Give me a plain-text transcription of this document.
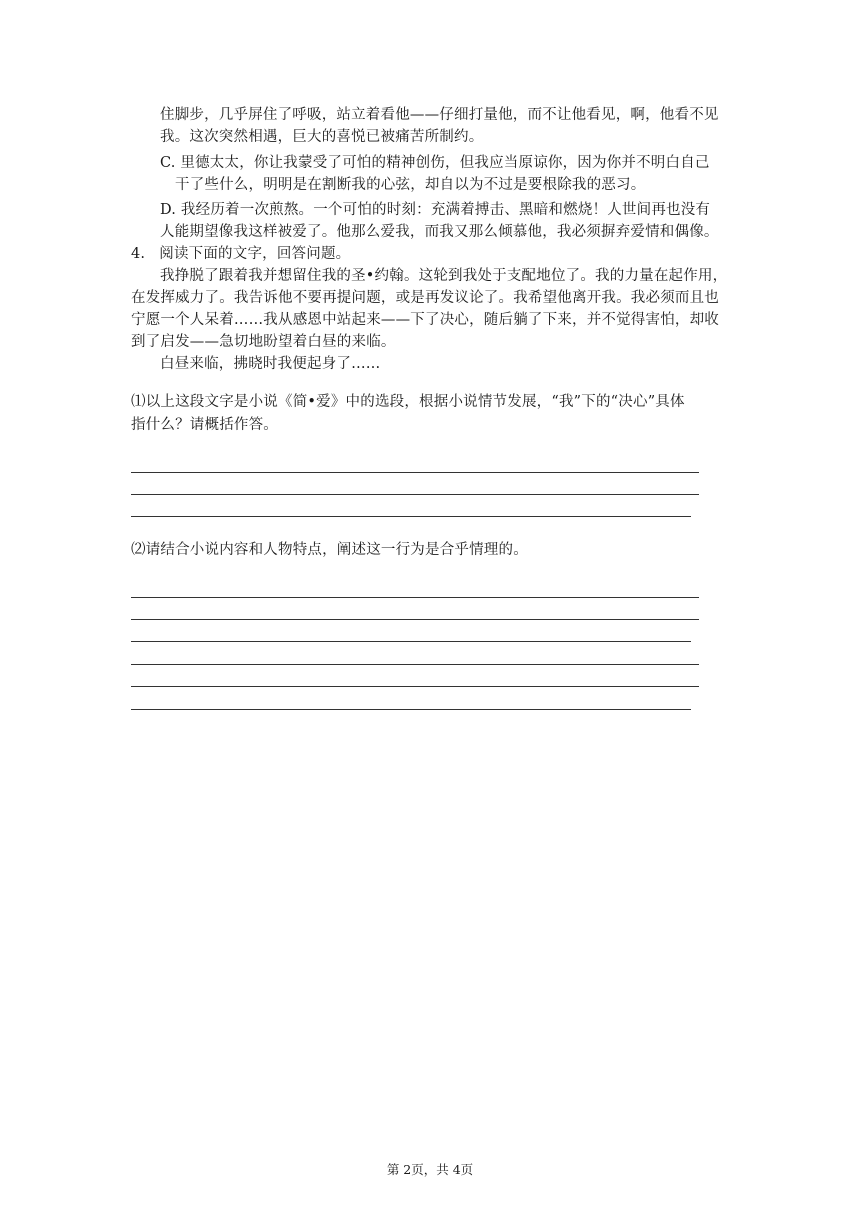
住脚步，几乎屏住了呼吸，站立着看他——仔细打量他，而不让他看见，啊，他看不见
我。这次突然相遇，巨大的喜悦已被痛苦所制约。
C. 里德太太，你让我蒙受了可怕的精神创伤，但我应当原谅你，因为你并不明白自己
干了些什么，明明是在割断我的心弦，却自以为不过是要根除我的恶习。
D. 我经历着一次煎熬。一个可怕的时刻：充满着搏击、黑暗和燃烧！人世间再也没有
人能期望像我这样被爱了。他那么爱我，而我又那么倾慕他，我必须摒弃爱情和偶像。
4. 阅读下面的文字，回答问题。
我挣脱了跟着我并想留住我的圣•约翰。这轮到我处于支配地位了。我的力量在起作用，
在发挥威力了。我告诉他不要再提问题，或是再发议论了。我希望他离开我。我必须而且也
宁愿一个人呆着……我从感恩中站起来——下了决心，随后躺了下来，并不觉得害怕，却收
到了启发——急切地盼望着白昼的来临。
白昼来临，拂晓时我便起身了……
⑴以上这段文字是小说《简•爱》中的选段，根据小说情节发展，“我”下的“决心”具体
指什么？请概括作答。
⑵请结合小说内容和人物特点，阐述这一行为是合乎情理的。
第 2页，共 4页
